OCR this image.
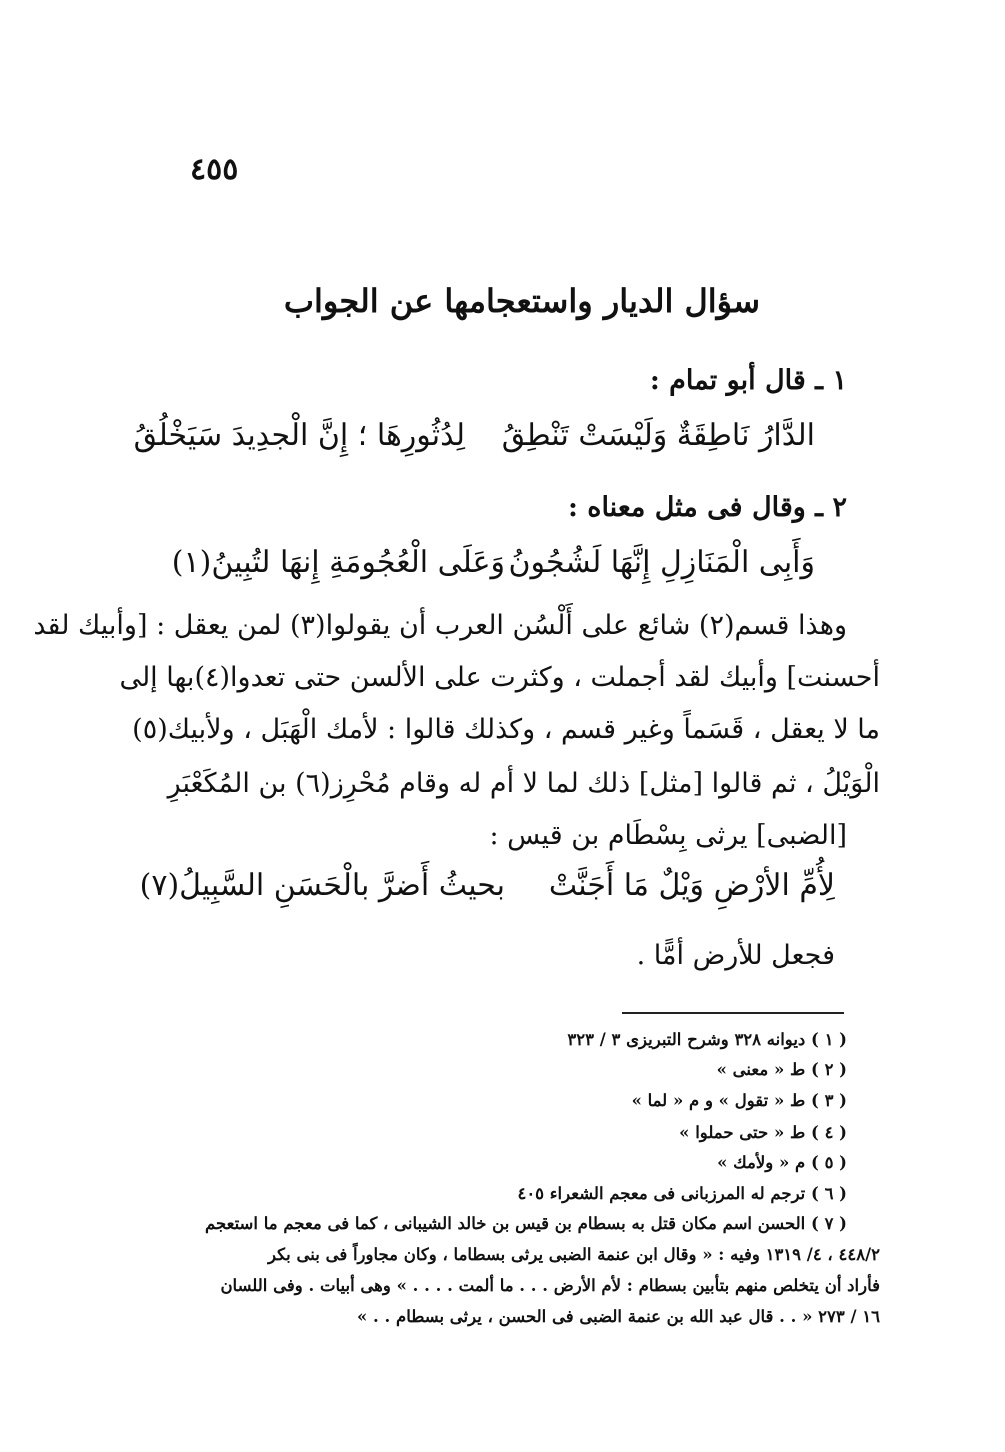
٤٥٥
سؤال الديار واستعجامها عن الجواب
١ ـ قال أبو تمام :
الدَّارُ نَاطِقَةٌ وَلَيْسَتْ تَنْطِقُ
لِدُثُورِهَا ؛ إِنَّ الْجدِيدَ سَيَخْلُقُ
٢ ـ وقال فى مثل معناه :
وَأَبِى الْمَنَازِلِ إِنَّهَا لَشُجُونُ
وَعَلَى الْعُجُومَةِ إِنهَا لتُبِينُ(١)
وهذا قسم(٢) شائع على أَلْسُن العرب أن يقولوا(٣) لمن يعقل : [وأبيك لقد
أحسنت] وأبيك لقد أجملت ، وكثرت على الألسن حتى تعدوا(٤)بها إلى
ما لا يعقل ، قَسَماً وغير قسم ، وكذلك قالوا : لأمك الْهَبَل ، ولأبيك(٥)
الْوَيْلُ ، ثم قالوا [مثل] ذلك لما لا أم له وقام مُحْرِز(٦) بن المُكَعْبَرِ
[الضبى] يرثى بِسْطَام بن قيس :
لِأُمِّ الأرْضِ وَيْلٌ مَا أَجَنَّتْ
بحيثُ أَضرَّ بالْحَسَنِ السَّبِيلُ(٧)
فجعل للأرض أمًّا .
( ١ ) ديوانه ٣٢٨ وشرح التبريزى ٣ / ٣٢٣
( ٢ ) ط « معنى »
( ٣ ) ط « تقول » و م « لما »
( ٤ ) ط « حتى حملوا »
( ٥ ) م « ولأمك »
( ٦ ) ترجم له المرزبانى فى معجم الشعراء ٤٠٥
( ٧ ) الحسن اسم مكان قتل به بسطام بن قيس بن خالد الشيبانى ، كما فى معجم ما استعجم
٤٤٨/٢ ، ٤/ ١٣١٩ وفيه : « وقال ابن عنمة الضبى يرثى بسطاما ، وكان مجاوراً فى بنى بكر
فأراد أن يتخلص منهم بتأبين بسطام : لأم الأرض . . . ما ألمت . . . . » وهى أبيات . وفى اللسان
١٦ / ٢٧٣ « . . قال عبد الله بن عنمة الضبى فى الحسن ، يرثى بسطام . . »
